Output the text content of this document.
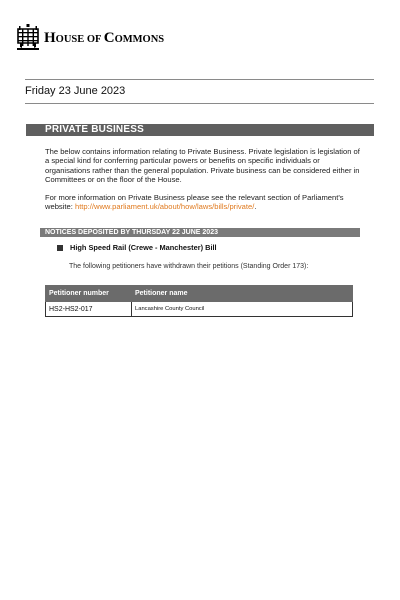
HOUSE OF COMMONS
Friday 23 June 2023
PRIVATE BUSINESS

The below contains information relating to Private Business. Private legislation is legislation of a special kind for conferring particular powers or benefits on specific individuals or organisations rather than the general population. Private business can be considered either in Committees or on the floor of the House.

For more information on Private Business please see the relevant section of Parliament's website: http://www.parliament.uk/about/how/laws/bills/private/.

NOTICES DEPOSITED BY THURSDAY 22 JUNE 2023
High Speed Rail (Crewe - Manchester) Bill
The following petitioners have withdrawn their petitions (Standing Order 173):
Petitioner number	Petitioner name
HS2-HS2-017	Lancashire County Council
